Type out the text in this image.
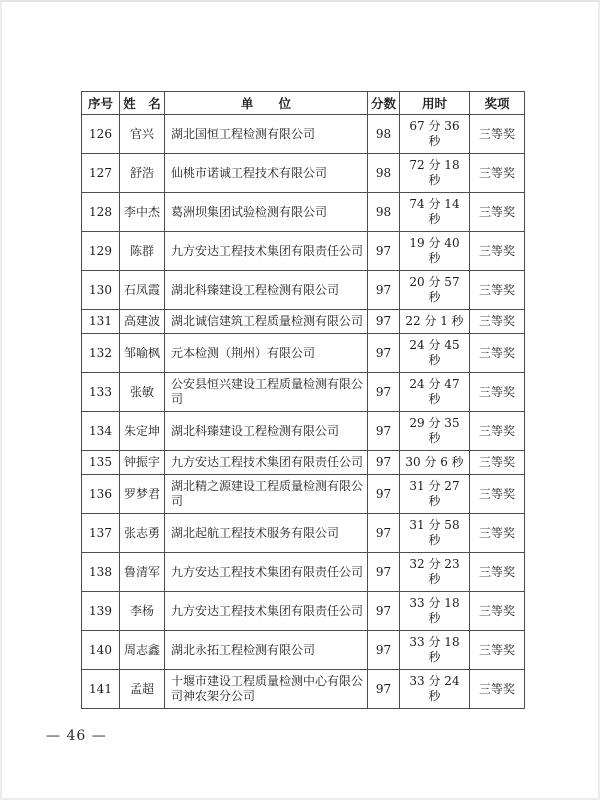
序号	姓　名	单　　位	分数	用时	奖项
126	官兴	湖北国恒工程检测有限公司	98	67 分 36 秒	三等奖
127	舒浩	仙桃市诺诚工程技术有限公司	98	72 分 18 秒	三等奖
128	李中杰	葛洲坝集团试验检测有限公司	98	74 分 14 秒	三等奖
129	陈群	九方安达工程技术集团有限责任公司	97	19 分 40 秒	三等奖
130	石凤霞	湖北科臻建设工程检测有限公司	97	20 分 57 秒	三等奖
131	高建波	湖北诚信建筑工程质量检测有限公司	97	22 分 1 秒	三等奖
132	邹喻枫	元本检测（荆州）有限公司	97	24 分 45 秒	三等奖
133	张敏	公安县恒兴建设工程质量检测有限公司	97	24 分 47 秒	三等奖
134	朱定坤	湖北科臻建设工程检测有限公司	97	29 分 35 秒	三等奖
135	钟振宇	九方安达工程技术集团有限责任公司	97	30 分 6 秒	三等奖
136	罗梦君	湖北精之源建设工程质量检测有限公司	97	31 分 27 秒	三等奖
137	张志勇	湖北起航工程技术服务有限公司	97	31 分 58 秒	三等奖
138	鲁清军	九方安达工程技术集团有限责任公司	97	32 分 23 秒	三等奖
139	李杨	九方安达工程技术集团有限责任公司	97	33 分 18 秒	三等奖
140	周志鑫	湖北永拓工程检测有限公司	97	33 分 18 秒	三等奖
141	孟超	十堰市建设工程质量检测中心有限公司神农架分公司	97	33 分 24 秒	三等奖
— 46 —
